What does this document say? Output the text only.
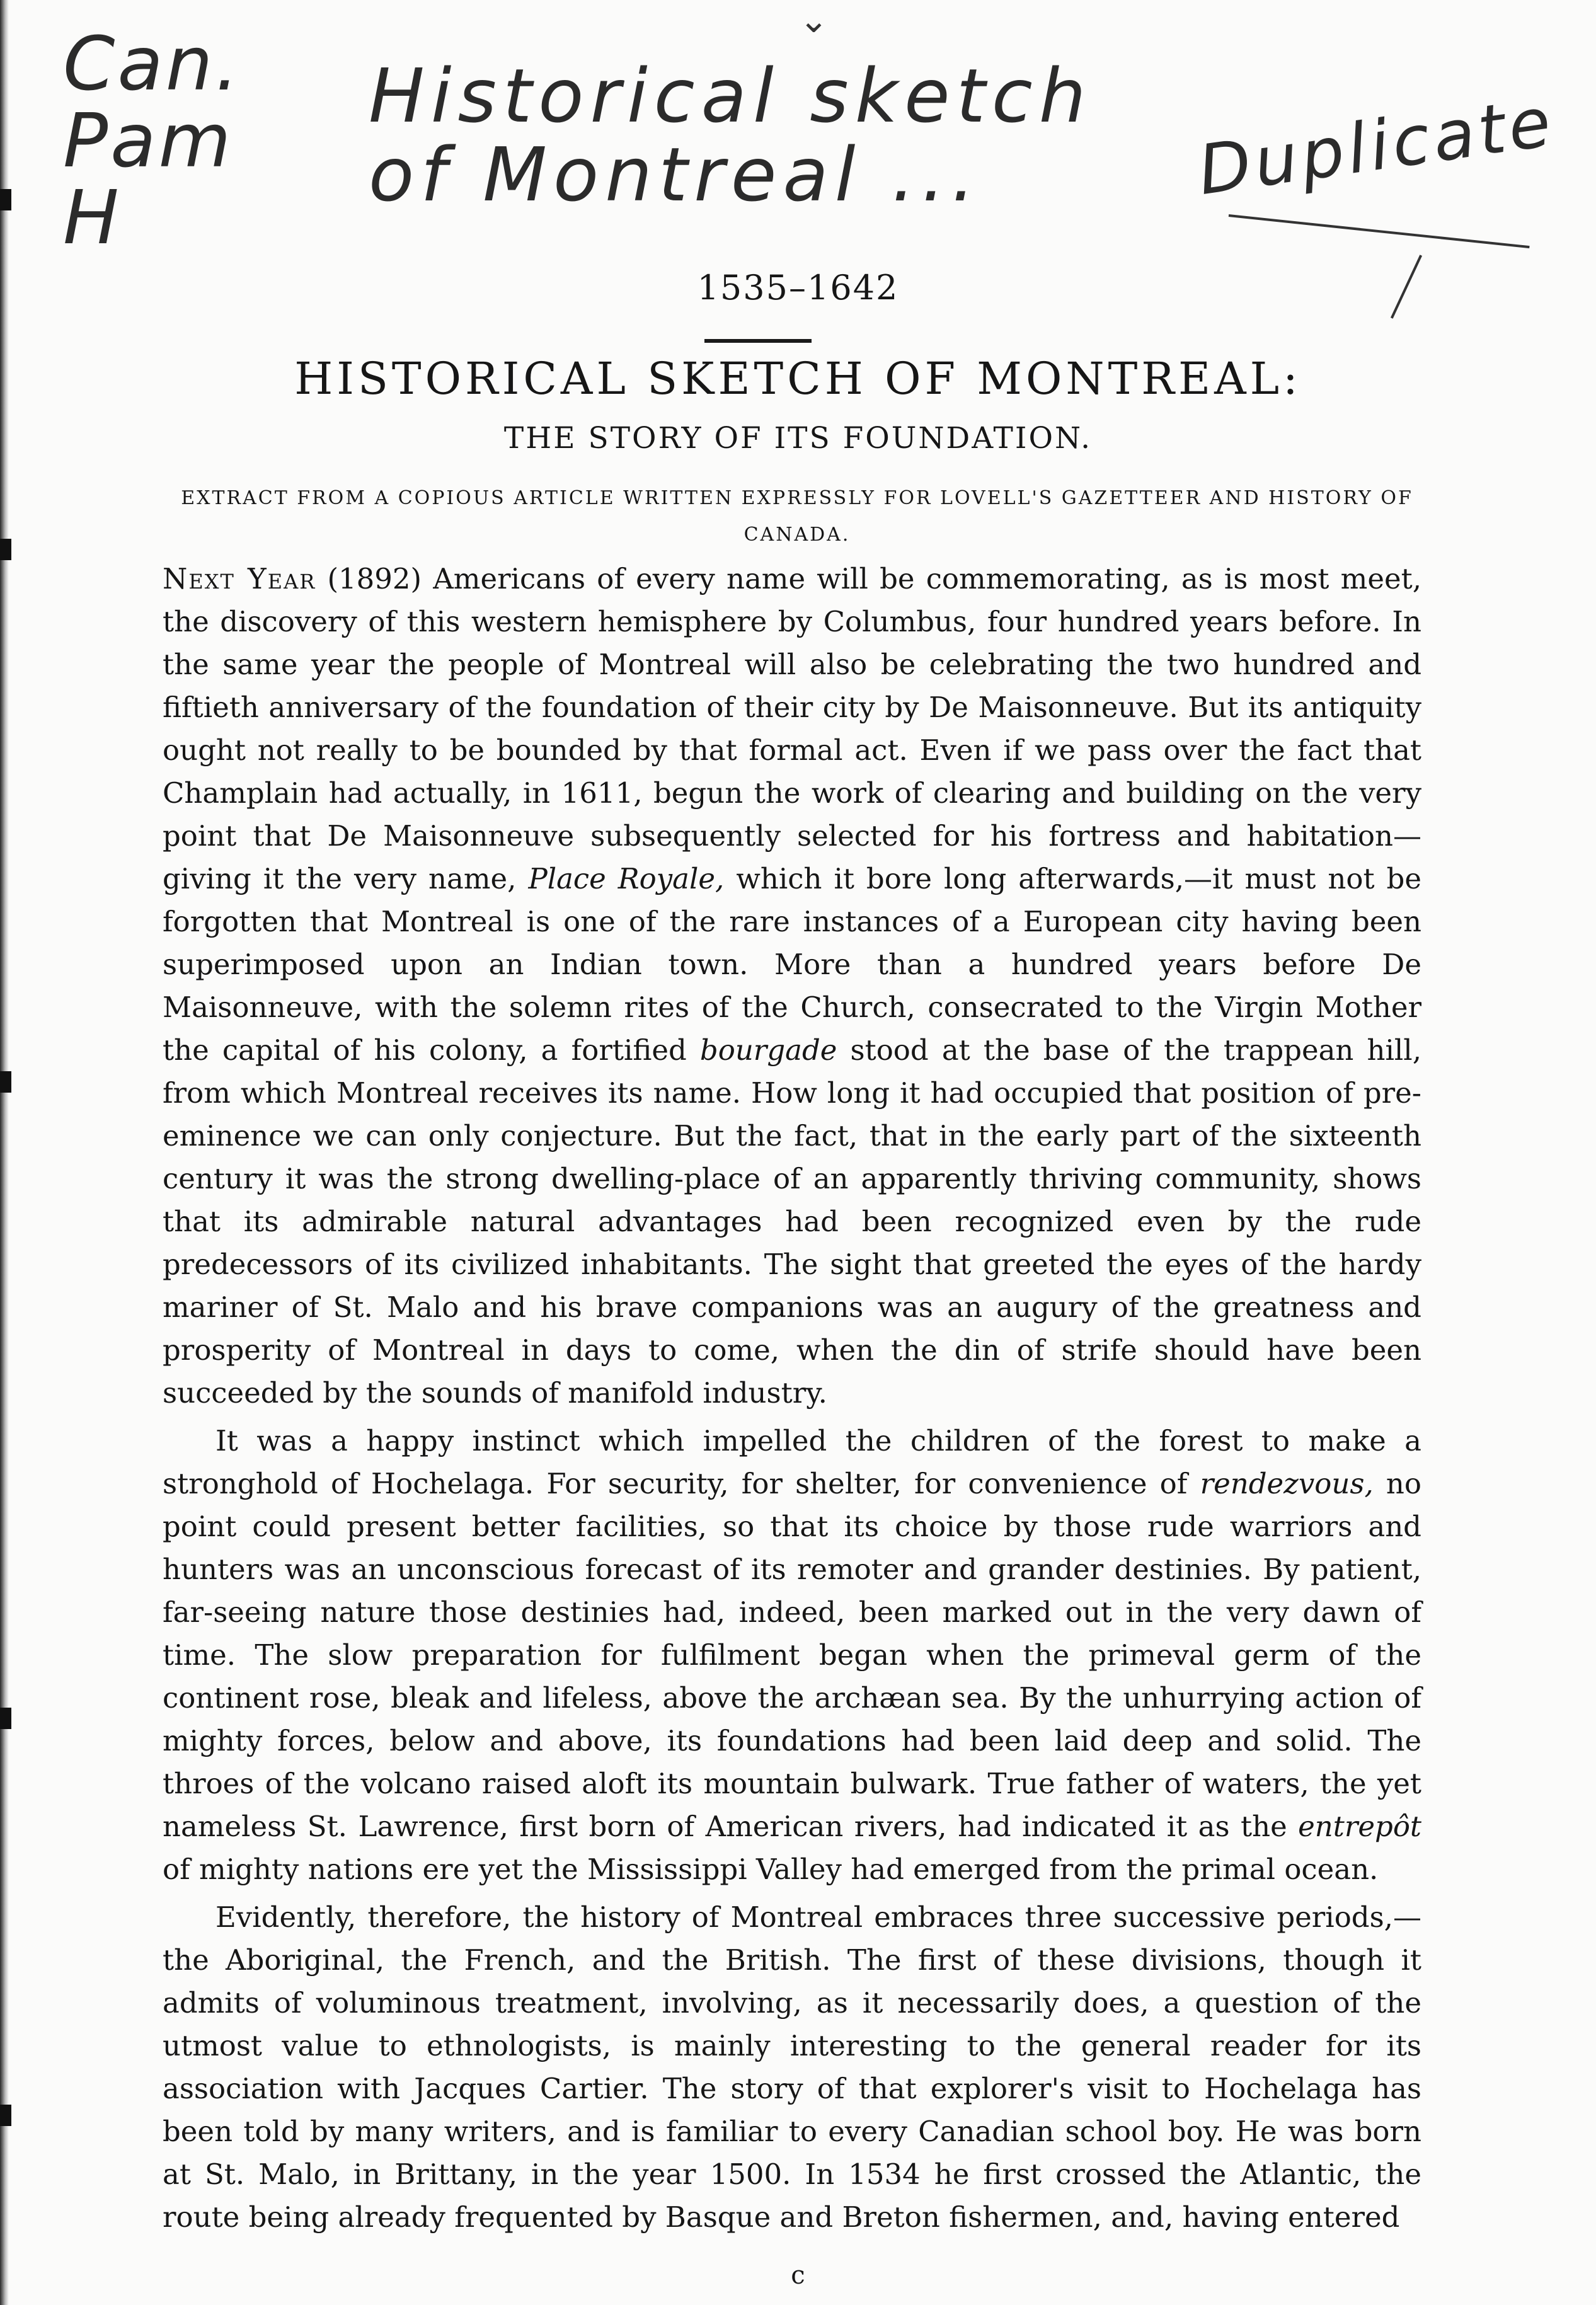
⌄
Can.
Pam
H
Historical sketch
of Montreal ...	Duplicate
1535–1642
HISTORICAL SKETCH OF MONTREAL:
THE STORY OF ITS FOUNDATION.
EXTRACT FROM A COPIOUS ARTICLE WRITTEN EXPRESSLY FOR LOVELL'S GAZETTEER AND HISTORY OF CANADA.

Next Year (1892) Americans of every name will be commemorating, as is most meet, the discovery of this western hemisphere by Columbus, four hundred years before. In the same year the people of Montreal will also be celebrating the two hundred and fiftieth anniversary of the foundation of their city by De Maisonneuve. But its antiquity ought not really to be bounded by that formal act. Even if we pass over the fact that Champlain had actually, in 1611, begun the work of clearing and building on the very point that De Maisonneuve subsequently selected for his fortress and habitation—giving it the very name, Place Royale, which it bore long afterwards,—it must not be forgotten that Montreal is one of the rare instances of a European city having been superimposed upon an Indian town. More than a hundred years before De Maisonneuve, with the solemn rites of the Church, consecrated to the Virgin Mother the capital of his colony, a fortified bourgade stood at the base of the trappean hill, from which Montreal receives its name. How long it had occupied that position of pre-eminence we can only conjecture. But the fact, that in the early part of the sixteenth century it was the strong dwelling-place of an apparently thriving community, shows that its admirable natural advantages had been recognized even by the rude predecessors of its civilized inhabitants. The sight that greeted the eyes of the hardy mariner of St. Malo and his brave companions was an augury of the greatness and prosperity of Montreal in days to come, when the din of strife should have been succeeded by the sounds of manifold industry.

It was a happy instinct which impelled the children of the forest to make a stronghold of Hochelaga. For security, for shelter, for convenience of rendezvous, no point could present better facilities, so that its choice by those rude warriors and hunters was an unconscious forecast of its remoter and grander destinies. By patient, far-seeing nature those destinies had, indeed, been marked out in the very dawn of time. The slow preparation for fulfilment began when the primeval germ of the continent rose, bleak and lifeless, above the archæan sea. By the unhurrying action of mighty forces, below and above, its foundations had been laid deep and solid. The throes of the volcano raised aloft its mountain bulwark. True father of waters, the yet nameless St. Lawrence, first born of American rivers, had indicated it as the entrepôt of mighty nations ere yet the Mississippi Valley had emerged from the primal ocean.

Evidently, therefore, the history of Montreal embraces three successive periods,—the Aboriginal, the French, and the British. The first of these divisions, though it admits of voluminous treatment, involving, as it necessarily does, a question of the utmost value to ethnologists, is mainly interesting to the general reader for its association with Jacques Cartier. The story of that explorer's visit to Hochelaga has been told by many writers, and is familiar to every Canadian school boy. He was born at St. Malo, in Brittany, in the year 1500. In 1534 he first crossed the Atlantic, the route being already frequented by Basque and Breton fishermen, and, having entered

c
